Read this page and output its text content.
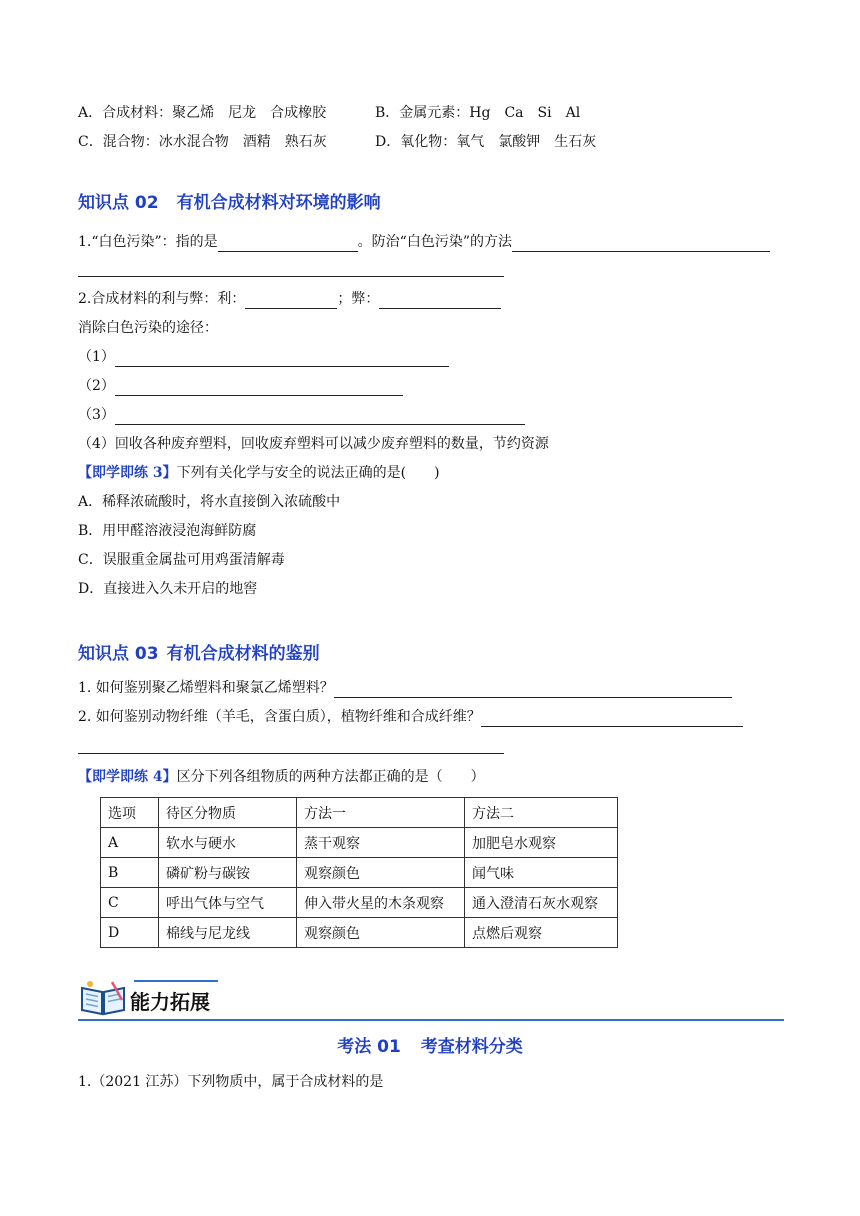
A．合成材料：聚乙烯　尼龙　合成橡胶	B．金属元素：Hg　Ca　Si　Al
C．混合物：冰水混合物　酒精　熟石灰	D．氧化物：氧气　氯酸钾　生石灰
知识点 02 有机合成材料对环境的影响
1.“白色污染”：指的是	。防治“白色污染”的方法
2.合成材料的利与弊：利：	；弊：
消除白色污染的途径：
（1）
（2）
（3）
（4）回收各种废弃塑料，回收废弃塑料可以减少废弃塑料的数量，节约资源
【即学即练 3】下列有关化学与安全的说法正确的是(　　)
A．稀释浓硫酸时，将水直接倒入浓硫酸中
B．用甲醛溶液浸泡海鲜防腐
C．误服重金属盐可用鸡蛋清解毒
D．直接进入久未开启的地窖
知识点 03 有机合成材料的鉴别
1. 如何鉴别聚乙烯塑料和聚氯乙烯塑料？
2. 如何鉴别动物纤维（羊毛，含蛋白质），植物纤维和合成纤维？
【即学即练 4】区分下列各组物质的两种方法都正确的是（　　）
选项	待区分物质	方法一	方法二
A	软水与硬水	蒸干观察	加肥皂水观察
B	磷矿粉与碳铵	观察颜色	闻气味
C	呼出气体与空气	伸入带火星的木条观察	通入澄清石灰水观察
D	棉线与尼龙线	观察颜色	点燃后观察
能力拓展
考法 01 考查材料分类
1.（2021 江苏）下列物质中，属于合成材料的是
